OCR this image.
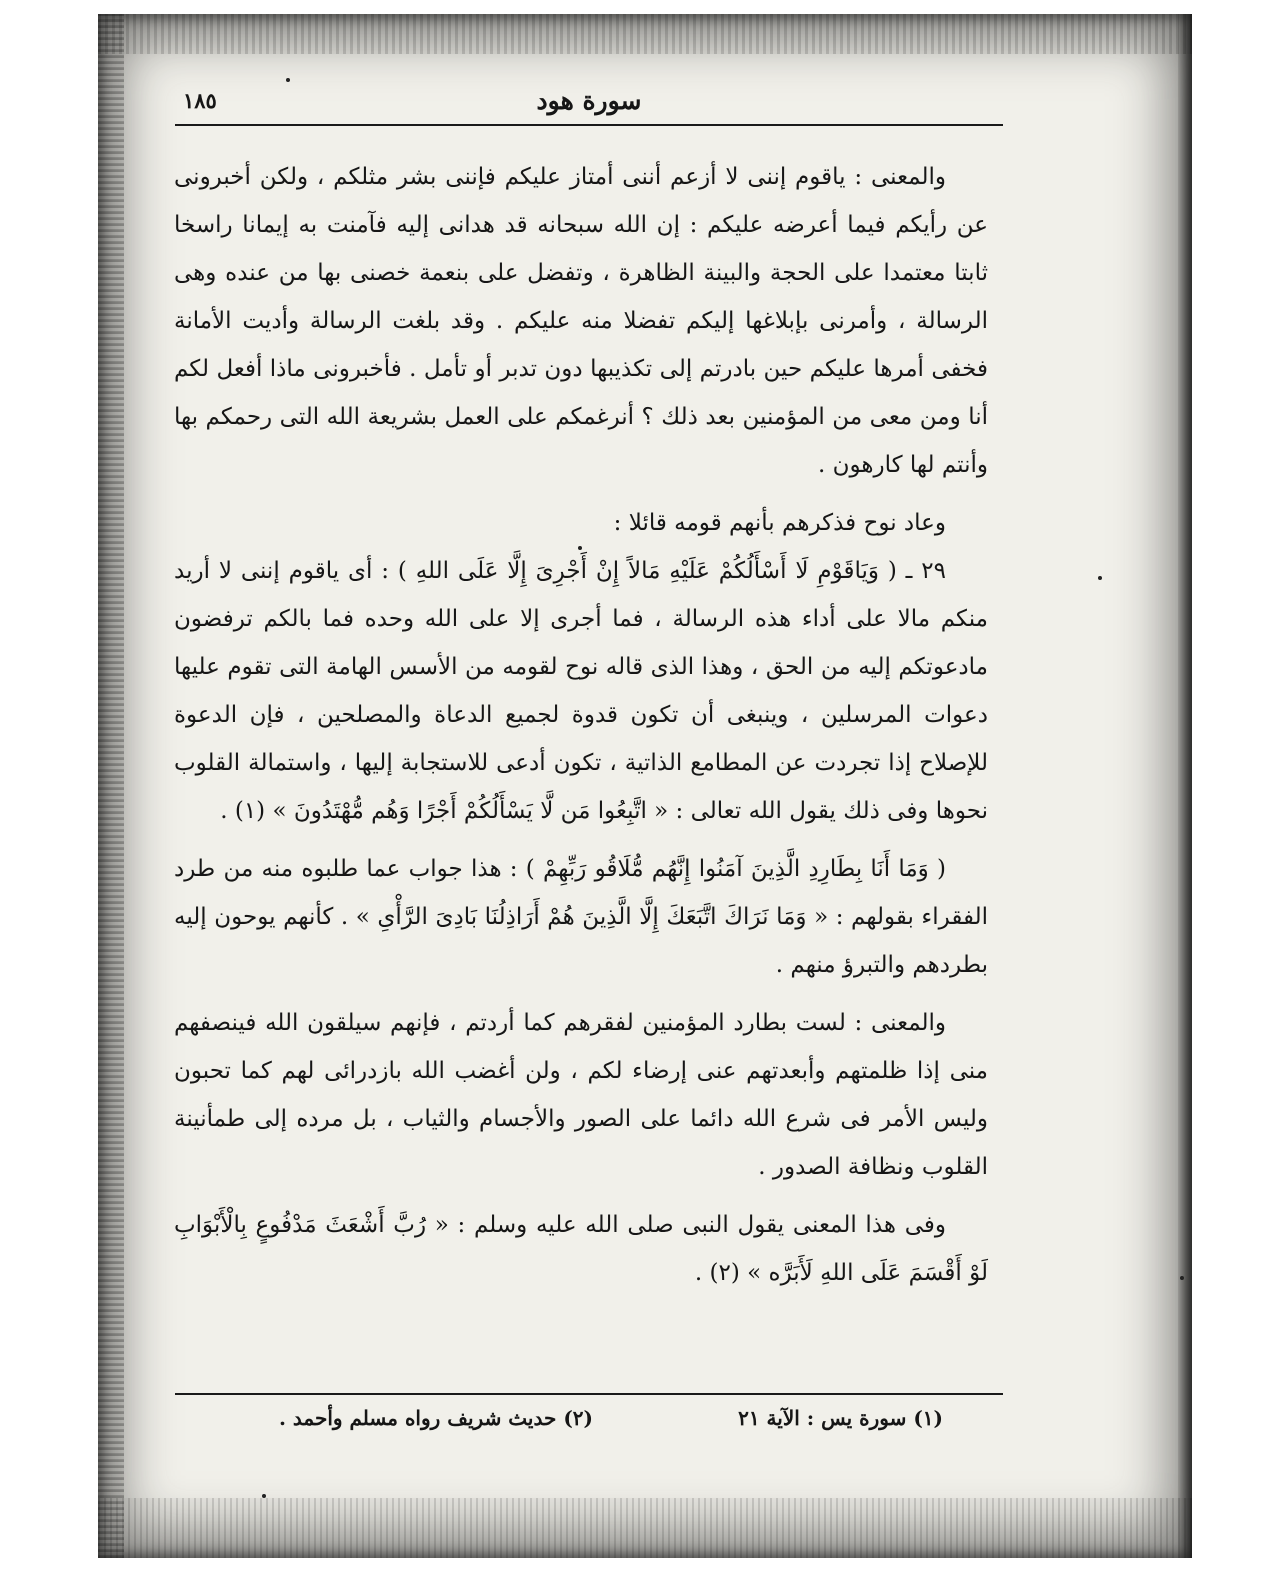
١٨٥	سورة هود

والمعنى : ياقوم إننى لا أزعم أننى أمتاز عليكم فإننى بشر مثلكم ، ولكن أخبرونى عن رأيكم فيما أعرضه عليكم : إن الله سبحانه قد هدانى إليه فآمنت به إيمانا راسخا ثابتا معتمدا على الحجة والبينة الظاهرة ، وتفضل على بنعمة خصنى بها من عنده وهى الرسالة ، وأمرنى بإبلاغها إليكم تفضلا منه عليكم . وقد بلغت الرسالة وأديت الأمانة فخفى أمرها عليكم حين بادرتم إلى تكذيبها دون تدبر أو تأمل . فأخبرونى ماذا أفعل لكم أنا ومن معى من المؤمنين بعد ذلك ؟ أنرغمكم على العمل بشريعة الله التى رحمكم بها وأنتم لها كارهون .

وعاد نوح فذكرهم بأنهم قومه قائلا :

٢٩ ـ ( وَيَاقَوْمِ لَا أَسْأَلُكُمْ عَلَيْهِ مَالاً إِنْ أَجْرِىَ إِلَّا عَلَى اللهِ ) : أى ياقوم إننى لا أريد منكم مالا على أداء هذه الرسالة ، فما أجرى إلا على الله وحده فما بالكم ترفضون مادعوتكم إليه من الحق ، وهذا الذى قاله نوح لقومه من الأسس الهامة التى تقوم عليها دعوات المرسلين ، وينبغى أن تكون قدوة لجميع الدعاة والمصلحين ، فإن الدعوة للإصلاح إذا تجردت عن المطامع الذاتية ، تكون أدعى للاستجابة إليها ، واستمالة القلوب نحوها وفى ذلك يقول الله تعالى : « اتَّبِعُوا مَن لَّا يَسْأَلُكُمْ أَجْرًا وَهُم مُّهْتَدُونَ » (١) .

( وَمَا أَنَا بِطَارِدِ الَّذِينَ آمَنُوا إِنَّهُم مُّلَاقُو رَبِّهِمْ ) : هذا جواب عما طلبوه منه من طرد الفقراء بقولهم : « وَمَا نَرَاكَ اتَّبَعَكَ إِلَّا الَّذِينَ هُمْ أَرَاذِلُنَا بَادِىَ الرَّأْىِ » . كأنهم يوحون إليه بطردهم والتبرؤ منهم .

والمعنى : لست بطارد المؤمنين لفقرهم كما أردتم ، فإنهم سيلقون الله فينصفهم منى إذا ظلمتهم وأبعدتهم عنى إرضاء لكم ، ولن أغضب الله بازدرائى لهم كما تحبون وليس الأمر فى شرع الله دائما على الصور والأجسام والثياب ، بل مرده إلى طمأنينة القلوب ونظافة الصدور .

وفى هذا المعنى يقول النبى صلى الله عليه وسلم : « رُبَّ أَشْعَثَ مَدْفُوعٍ بِالْأَبْوَابِ لَوْ أَقْسَمَ عَلَى اللهِ لَأَبَرَّه » (٢) .

(١) سورة يس : الآية ٢١
(٢) حديث شريف رواه مسلم وأحمد .
